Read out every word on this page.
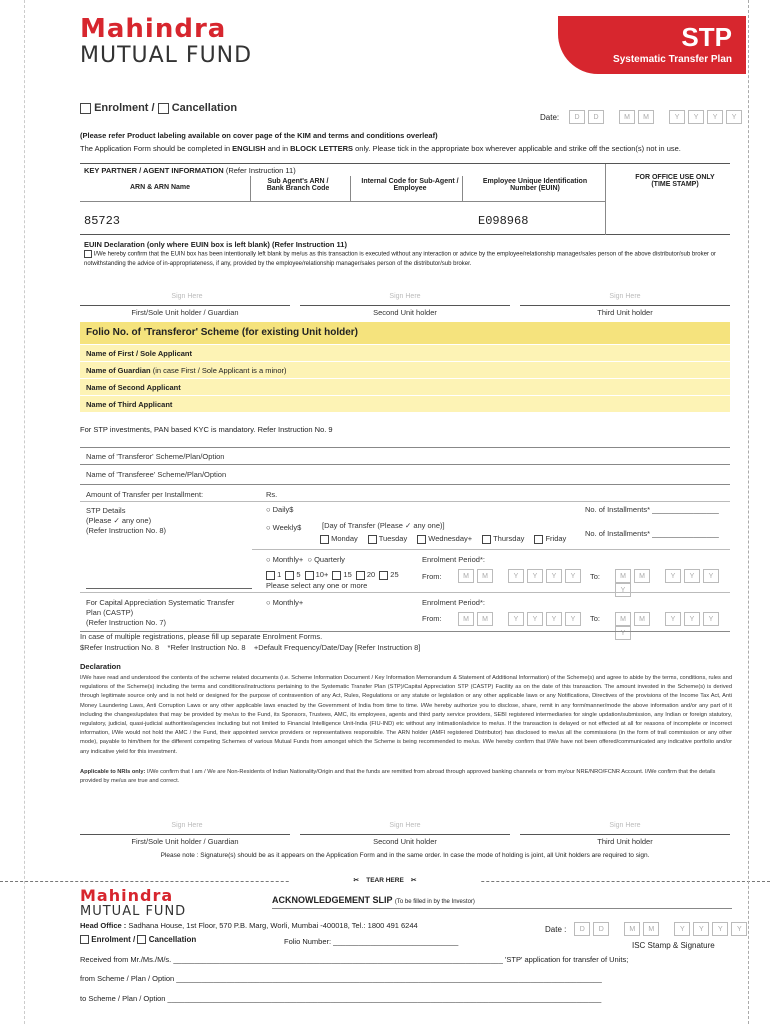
Mahindra
MUTUAL FUND
STP
Systematic Transfer Plan
Enrolment / Cancellation
Date: D D	M M	Y Y Y Y
(Please refer Product labeling available on cover page of the KIM and terms and conditions overleaf)
The Application Form should be completed in ENGLISH and in BLOCK LETTERS only. Please tick in the appropriate box wherever applicable and strike off the section(s) not in use.
KEY PARTNER / AGENT INFORMATION (Refer Instruction 11)
ARN & ARN Name
Sub Agent's ARN / Bank Branch Code
Internal Code for Sub-Agent / Employee
Employee Unique Identification Number (EUIN)
FOR OFFICE USE ONLY (TIME STAMP)
85723	E098968
EUIN Declaration (only where EUIN box is left blank) (Refer Instruction 11)
I/We hereby confirm that the EUIN box has been intentionally left blank by me/us as this transaction is executed without any interaction or advice by the employee/relationship manager/sales person of the above distributor/sub broker or notwithstanding the advice of in-appropriateness, if any, provided by the employee/relationship manager/sales person of the distributor/sub broker.
Sign Here	Sign Here	Sign Here
First/Sole Unit holder / Guardian	Second Unit holder	Third Unit holder
Folio No. of 'Transferor' Scheme (for existing Unit holder)
Name of First / Sole Applicant
Name of Guardian (in case First / Sole Applicant is a minor)
Name of Second Applicant
Name of Third Applicant
For STP investments, PAN based KYC is mandatory. Refer Instruction No. 9
Name of 'Transferor' Scheme/Plan/Option
Name of 'Transferee' Scheme/Plan/Option
Amount of Transfer per Installment:	Rs.
STP Details
(Please ✓ any one)
(Refer Instruction No. 8)
○ Daily$	No. of Installments* ________________
○ Weekly$	[Day of Transfer (Please ✓ any one)]
No. of Installments* ________________
Monday	Tuesday	Wednesday+	Thursday	Friday
○ Monthly+  ○ Quarterly	Enrolment Period*:
1 5 10+ 15 20 25
Please select any one or more
From:	M M	Y Y Y Y	To:	M M	Y Y YY
For Capital Appreciation Systematic Transfer Plan (CASTP)
(Refer Instruction No. 7)
○ Monthly+	Enrolment Period*:
From:	M M	Y Y Y Y	To:	M M	Y Y YY
In case of multiple registrations, please fill up separate Enrolment Forms.
$Refer Instruction No. 8    *Refer Instruction No. 8    +Default Frequency/Date/Day [Refer Instruction 8]
Declaration
I/We have read and understood the contents of the scheme related documents (i.e. Scheme Information Document / Key Information Memorandum & Statement of Additional Information) of the Scheme(s) and agree to abide by the terms, conditions, rules and regulations of the Scheme(s) including the terms and conditions/instructions pertaining to the Systematic Transfer Plan (STP)/Capital Appreciation STP (CASTP) Facility as on the date of this transaction. The amount invested in the Scheme(s) is derived through legitimate source only and is not held or designed for the purpose of contravention of any Act, Rules, Regulations or any statute or legislation or any other applicable laws or any Notifications, Directives of the provisions of the Income Tax Act, Anti Money Laundering Laws, Anti Corruption Laws or any other applicable laws enacted by the Government of India from time to time. I/We hereby authorize you to disclose, share, remit in any form/manner/mode the above information and/or any part of it including the changes/updates that may be provided by me/us to the Fund, its Sponsors, Trustees, AMC, its employees, agents and third party service providers, SEBI registered intermediaries for single updation/submission, any Indian or foreign statutory, regulatory, judicial, quasi-judicial authorities/agencies including but not limited to Financial Intelligence Unit-India (FIU-IND) etc without any intimation/advice to me/us. If the transaction is delayed or not effected at all for reasons of incomplete or incorrect information, I/We would not hold the AMC / the Fund, their appointed service providers or representatives responsible. The ARN holder (AMFI registered Distributor) has disclosed to me/us all the commissions (in the form of trail commission or any other mode), payable to him/them for the different competing Schemes of various Mutual Funds from amongst which the Scheme is being recommended to me/us. I/We hereby confirm that I/We have not been offered/communicated any indicative portfolio and/or any indicative yield for this investment.
Applicable to NRIs only: I/We confirm that I am / We are Non-Residents of Indian Nationality/Origin and that the funds are remitted from abroad through approved banking channels or from my/our NRE/NRO/FCNR Account. I/We confirm that the details provided by me/us are true and correct.
Sign Here	Sign Here	Sign Here
First/Sole Unit holder / Guardian	Second Unit holder	Third Unit holder
Please note : Signature(s) should be as it appears on the Application Form and in the same order. In case the mode of holding is joint, all Unit holders are required to sign.
✂ TEAR HERE ✂
Mahindra
MUTUAL FUND
ACKNOWLEDGEMENT SLIP (To be filled in by the Investor)
Head Office : Sadhana House, 1st Floor, 570 P.B. Marg, Worli, Mumbai -400018, Tel.: 1800 491 6244
Enrolment / Cancellation	Folio Number: ______________________________
Date : D D	M M	Y Y Y Y
ISC Stamp & Signature
Received from Mr./Ms./M/s. _______________________________________________________________________________ 'STP' application for transfer of Units;
from Scheme / Plan / Option ______________________________________________________________________________________________________
to Scheme / Plan / Option ________________________________________________________________________________________________________
